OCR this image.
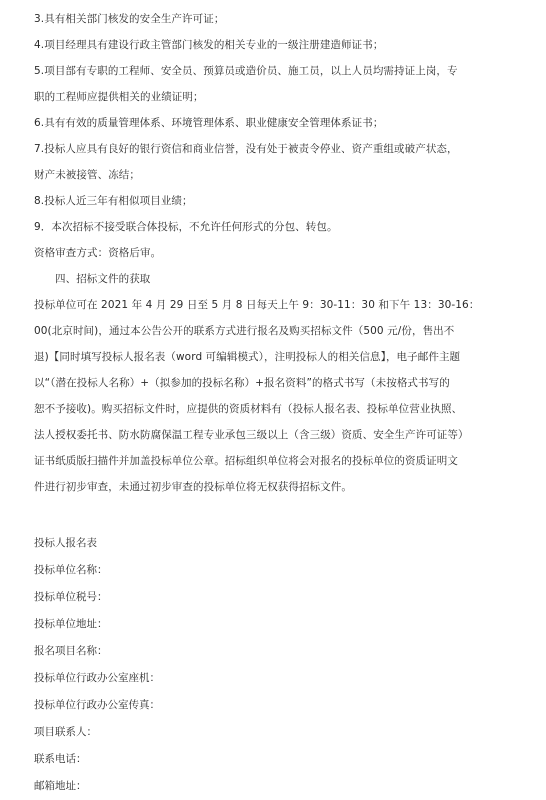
3.具有相关部门核发的安全生产许可证；
4.项目经理具有建设行政主管部门核发的相关专业的一级注册建造师证书；
5.项目部有专职的工程师、安全员、预算员或造价员、施工员，以上人员均需持证上岗，专
职的工程师应提供相关的业绩证明；
6.具有有效的质量管理体系、环境管理体系、职业健康安全管理体系证书；
7.投标人应具有良好的银行资信和商业信誉，没有处于被责令停业、资产重组或破产状态，
财产未被接管、冻结；
8.投标人近三年有相似项目业绩；
9．本次招标不接受联合体投标，不允许任何形式的分包、转包。
资格审查方式：资格后审。
四、招标文件的获取
投标单位可在 2021 年 4 月 29 日至 5 月 8 日每天上午 9：30-11：30 和下午 13：30-16：
00(北京时间)，通过本公告公开的联系方式进行报名及购买招标文件（500 元/份，售出不
退)【同时填写投标人报名表（word 可编辑模式），注明投标人的相关信息】，电子邮件主题
以“（潜在投标人名称）+（拟参加的投标名称）+报名资料”的格式书写（未按格式书写的
恕不予接收)。购买招标文件时，应提供的资质材料有（投标人报名表、投标单位营业执照、
法人授权委托书、防水防腐保温工程专业承包三级以上（含三级）资质、安全生产许可证等）
证书纸质版扫描件并加盖投标单位公章。招标组织单位将会对报名的投标单位的资质证明文
件进行初步审查，未通过初步审查的投标单位将无权获得招标文件。
投标人报名表
投标单位名称：
投标单位税号：
投标单位地址：
报名项目名称：
投标单位行政办公室座机：
投标单位行政办公室传真：
项目联系人：
联系电话：
邮箱地址：
